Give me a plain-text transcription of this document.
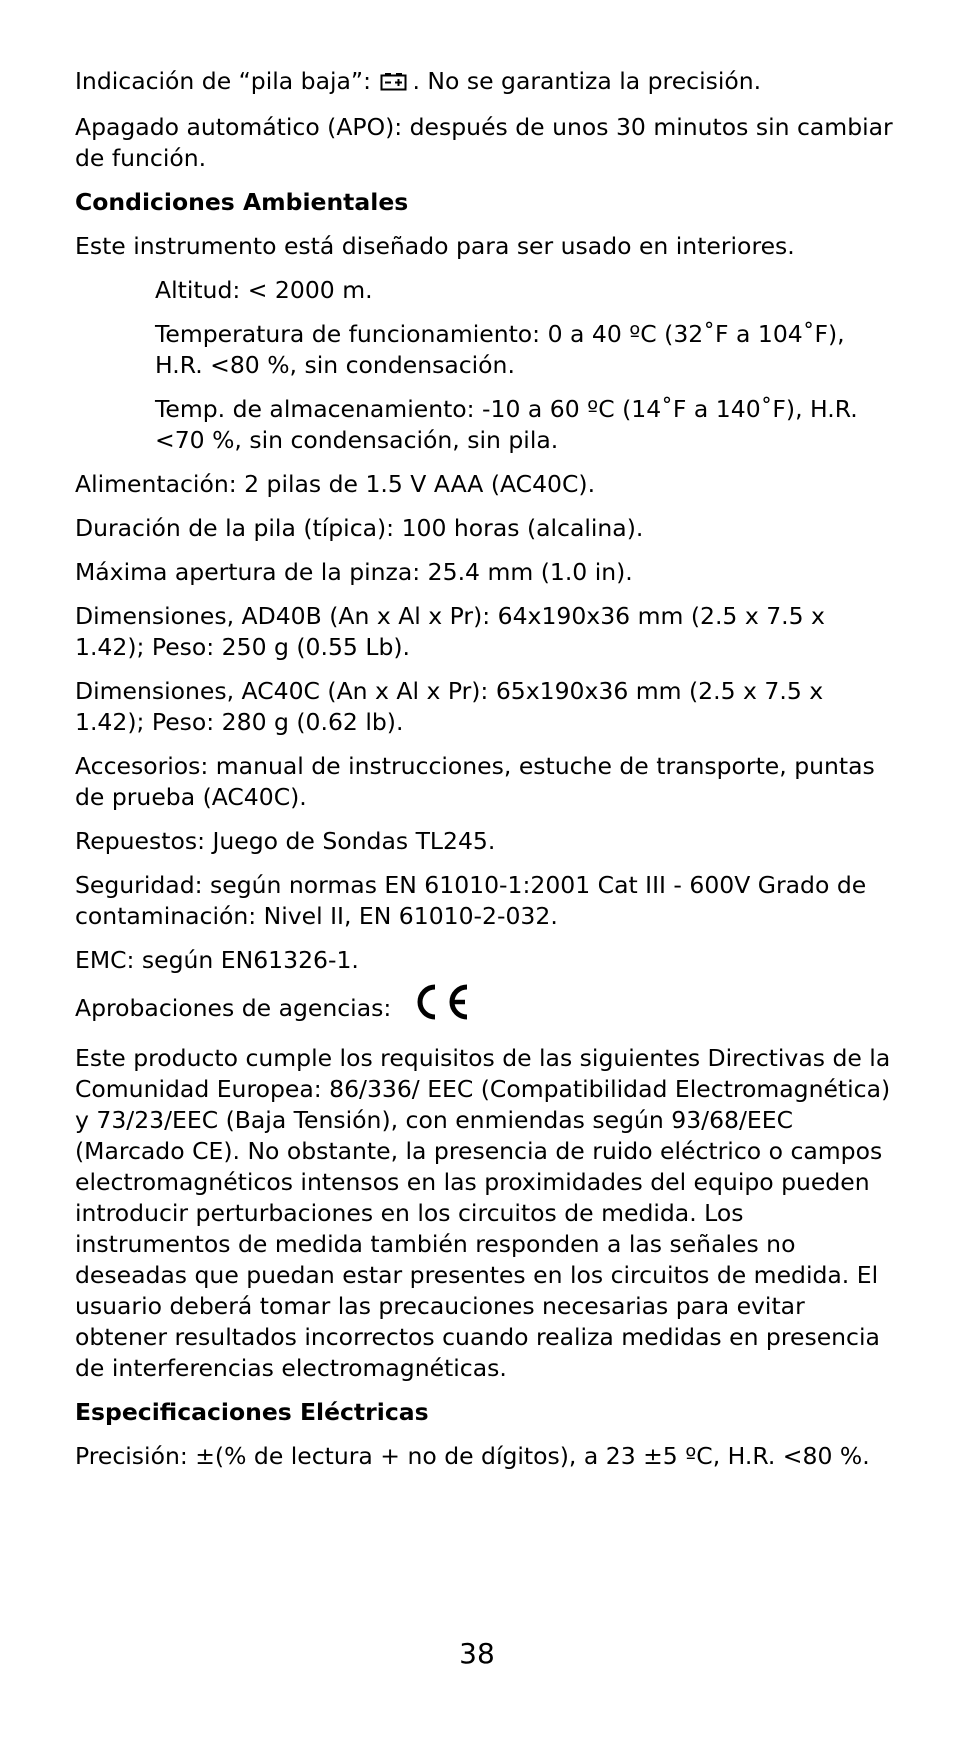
Indicación de “pila baja”: . No se garantiza la precisión.

Apagado automático (APO): después de unos 30 minutos sin cambiar de función.

Condiciones Ambientales

Este instrumento está diseñado para ser usado en interiores.

Altitud: < 2000 m.

Temperatura de funcionamiento: 0 a 40 ºC (32˚F a 104˚F), H.R. <80 %, sin condensación.

Temp. de almacenamiento: -10 a 60 ºC (14˚F a 140˚F), H.R. <70 %, sin condensación, sin pila.

Alimentación: 2 pilas de 1.5 V AAA (AC40C).

Duración de la pila (típica): 100 horas (alcalina).

Máxima apertura de la pinza: 25.4 mm (1.0 in).

Dimensiones, AD40B (An x Al x Pr): 64x190x36 mm (2.5 x 7.5 x 1.42); Peso: 250 g (0.55 Lb).

Dimensiones, AC40C (An x Al x Pr): 65x190x36 mm (2.5 x 7.5 x 1.42); Peso: 280 g (0.62 lb).

Accesorios: manual de instrucciones, estuche de transporte, puntas de prueba (AC40C).

Repuestos: Juego de Sondas TL245.

Seguridad: según normas EN 61010-1:2001 Cat III - 600V Grado de contaminación: Nivel II, EN 61010-2-032.

EMC: según EN61326-1.

Aprobaciones de agencias:

Este producto cumple los requisitos de las siguientes Directivas de la Comunidad Europea: 86/336/ EEC (Compatibilidad Electromagnética) y 73/23/EEC (Baja Tensión), con enmiendas según 93/68/EEC (Marcado CE). No obstante, la presencia de ruido eléctrico o campos electromagnéticos intensos en las proximidades del equipo pueden introducir perturbaciones en los circuitos de medida. Los instrumentos de medida también responden a las señales no deseadas que puedan estar presentes en los circuitos de medida. El usuario deberá tomar las precauciones necesarias para evitar obtener resultados incorrectos cuando realiza medidas en presencia de interferencias electromagnéticas.

Especificaciones Eléctricas

Precisión: ±(% de lectura + no de dígitos), a 23 ±5 ºC, H.R. <80 %.

38
